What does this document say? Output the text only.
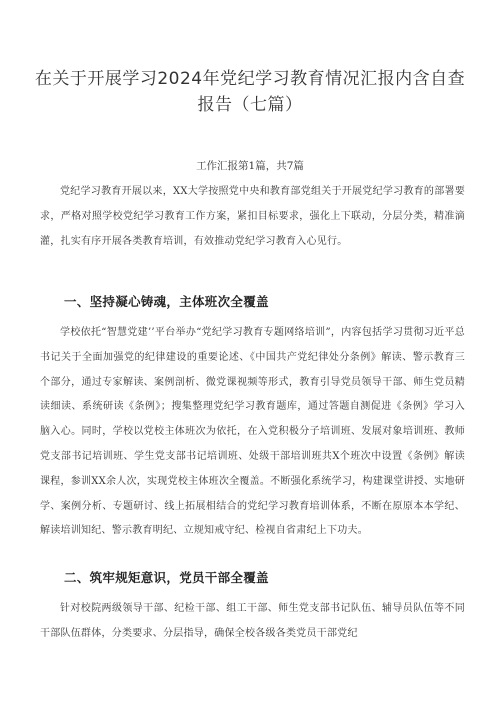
在关于开展学习2024年党纪学习教育情况汇报内含自查报告（七篇）
工作汇报第1篇，共7篇

党纪学习教育开展以来，XX大学按照党中央和教育部党组关于开展党纪学习教育的部署要求，严格对照学校党纪学习教育工作方案，紧扣目标要求，强化上下联动，分层分类，精准滴灌，扎实有序开展各类教育培训，有效推动党纪学习教育入心见行。

一、坚持凝心铸魂，主体班次全覆盖

学校依托“智慧党建’’平台举办“党纪学习教育专题网络培训”，内容包括学习贯彻习近平总书记关于全面加强党的纪律建设的重要论述、《中国共产党纪律处分条例》解读、警示教育三个部分，通过专家解读、案例剖析、微党课视频等形式，教育引导党员领导干部、师生党员精读细读、系统研读《条例》；搜集整理党纪学习教育题库，通过答题自测促进《条例》学习入脑入心。同时，学校以党校主体班次为依托，在入党积极分子培训班、发展对象培训班、教师党支部书记培训班、学生党支部书记培训班、处级干部培训班共X个班次中设置《条例》解读课程，参训XX余人次，实现党校主体班次全覆盖。不断强化系统学习，构建课堂讲授、实地研学、案例分析、专题研讨、线上拓展相结合的党纪学习教育培训体系，不断在原原本本学纪、解读培训知纪、警示教育明纪、立规知戒守纪、检视自省肃纪上下功夫。

二、筑牢规矩意识，党员干部全覆盖

针对校院两级领导干部、纪检干部、组工干部、师生党支部书记队伍、辅导员队伍等不同干部队伍群体，分类要求、分层指导，确保全校各级各类党员干部党纪
